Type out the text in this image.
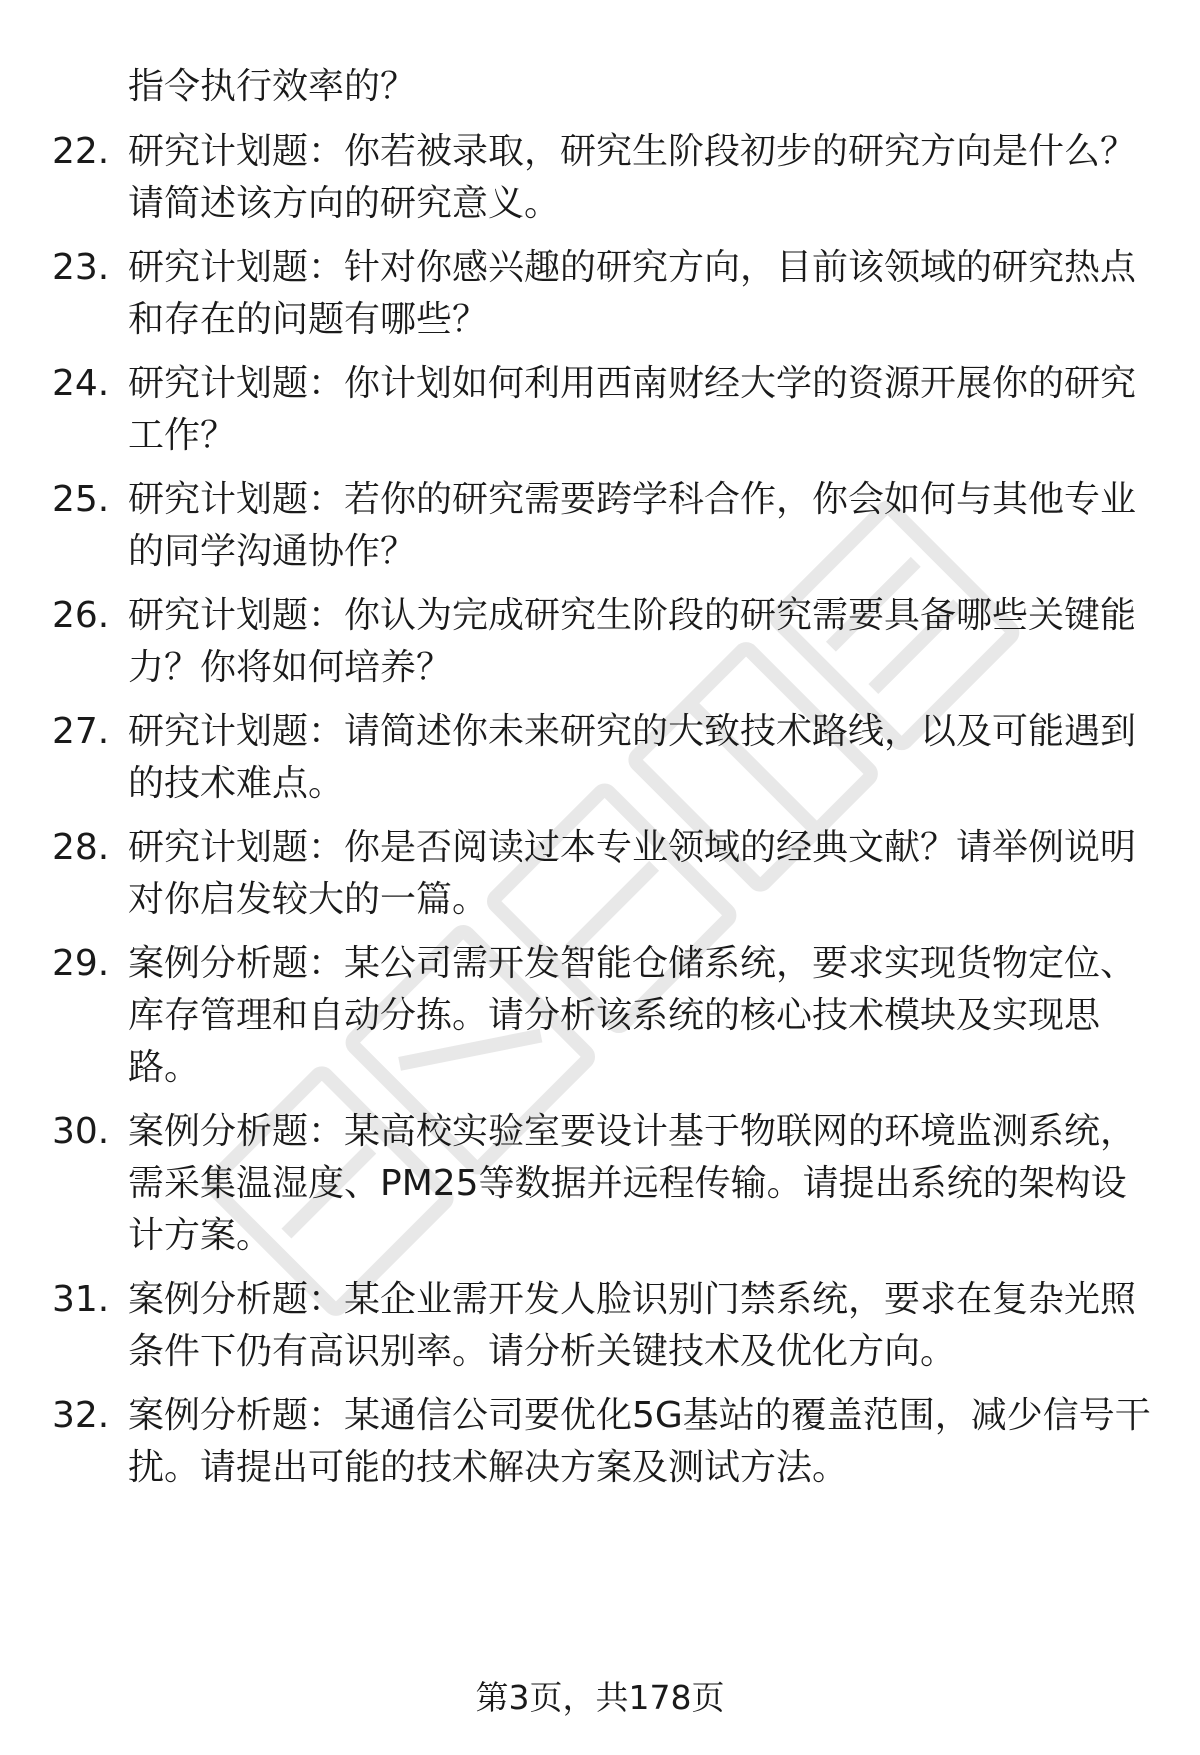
指令执行效率的？
22. 研究计划题：你若被录取，研究生阶段初步的研究方向是什么？
请简述该方向的研究意义。
23. 研究计划题：针对你感兴趣的研究方向，目前该领域的研究热点
和存在的问题有哪些？
24. 研究计划题：你计划如何利用西南财经大学的资源开展你的研究
工作？
25. 研究计划题：若你的研究需要跨学科合作，你会如何与其他专业
的同学沟通协作？
26. 研究计划题：你认为完成研究生阶段的研究需要具备哪些关键能
力？你将如何培养？
27. 研究计划题：请简述你未来研究的大致技术路线，以及可能遇到
的技术难点。
28. 研究计划题：你是否阅读过本专业领域的经典文献？请举例说明
对你启发较大的一篇。
29. 案例分析题：某公司需开发智能仓储系统，要求实现货物定位、
库存管理和自动分拣。请分析该系统的核心技术模块及实现思
路。
30. 案例分析题：某高校实验室要设计基于物联网的环境监测系统，
需采集温湿度、PM25等数据并远程传输。请提出系统的架构设
计方案。
31. 案例分析题：某企业需开发人脸识别门禁系统，要求在复杂光照
条件下仍有高识别率。请分析关键技术及优化方向。
32. 案例分析题：某通信公司要优化5G基站的覆盖范围，减少信号干
扰。请提出可能的技术解决方案及测试方法。
第3页，共178页
